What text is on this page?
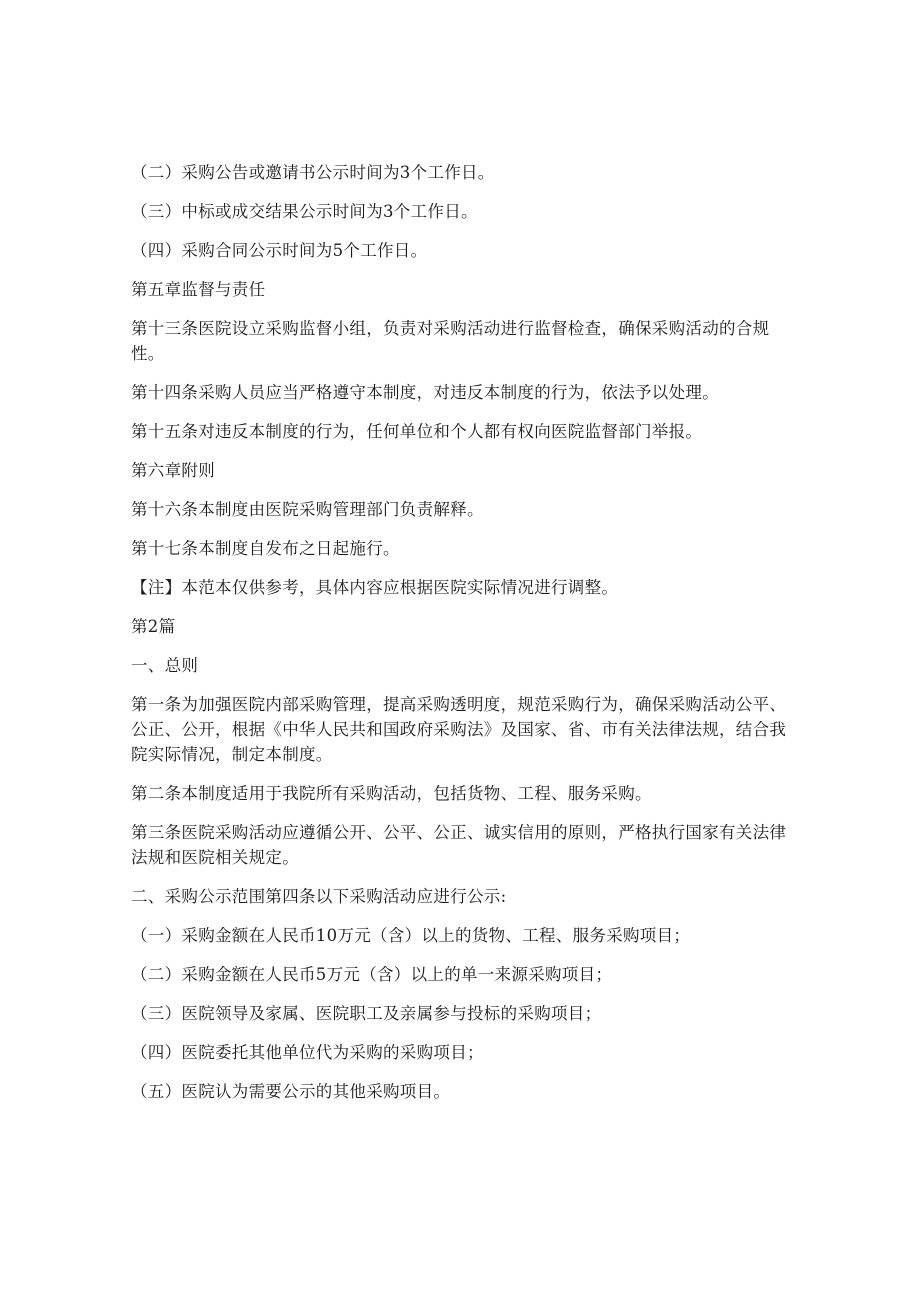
（二）采购公告或邀请书公示时间为3个工作日。

（三）中标或成交结果公示时间为3个工作日。

（四）采购合同公示时间为5个工作日。

第五章监督与责任

第十三条医院设立采购监督小组，负责对采购活动进行监督检查，确保采购活动的合规性。

第十四条采购人员应当严格遵守本制度，对违反本制度的行为，依法予以处理。

第十五条对违反本制度的行为，任何单位和个人都有权向医院监督部门举报。

第六章附则

第十六条本制度由医院采购管理部门负责解释。

第十七条本制度自发布之日起施行。

【注】本范本仅供参考，具体内容应根据医院实际情况进行调整。

第2篇

一、总则

第一条为加强医院内部采购管理，提高采购透明度，规范采购行为，确保采购活动公平、公正、公开，根据《中华人民共和国政府采购法》及国家、省、市有关法律法规，结合我院实际情况，制定本制度。

第二条本制度适用于我院所有采购活动，包括货物、工程、服务采购。

第三条医院采购活动应遵循公开、公平、公正、诚实信用的原则，严格执行国家有关法律法规和医院相关规定。

二、采购公示范围第四条以下采购活动应进行公示:

（一）采购金额在人民币10万元（含）以上的货物、工程、服务采购项目；

（二）采购金额在人民币5万元（含）以上的单一来源采购项目；

（三）医院领导及家属、医院职工及亲属参与投标的采购项目；

（四）医院委托其他单位代为采购的采购项目；

（五）医院认为需要公示的其他采购项目。
